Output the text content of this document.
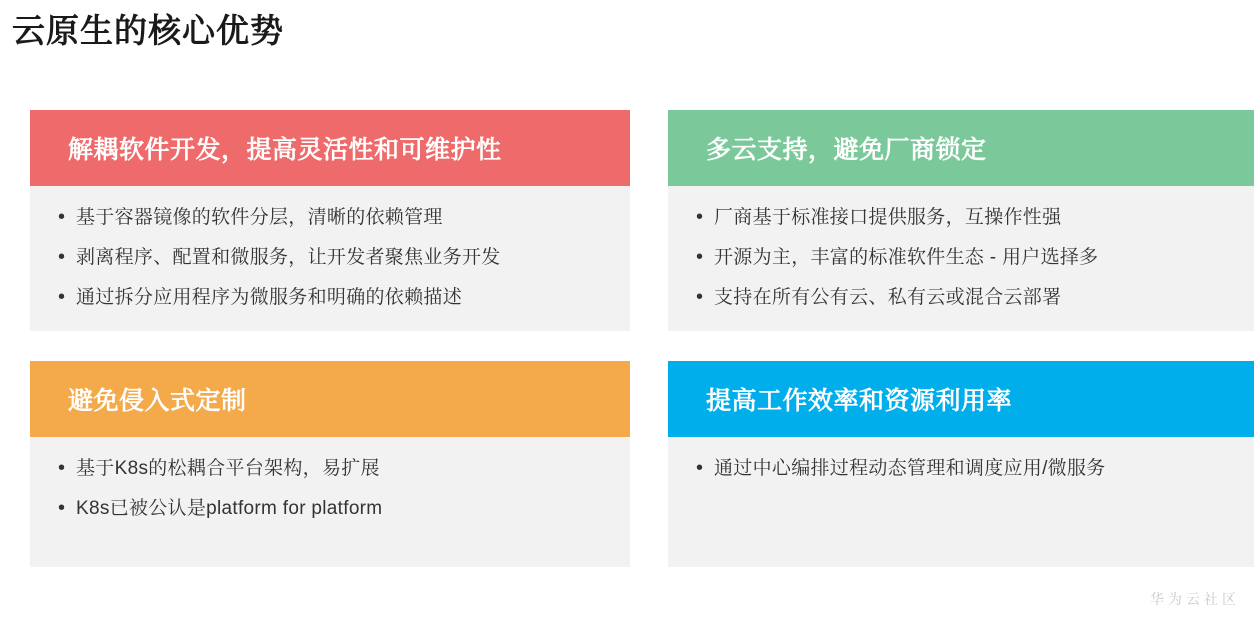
云原生的核心优势
解耦软件开发，提高灵活性和可维护性
• 基于容器镜像的软件分层，清晰的依赖管理
• 剥离程序、配置和微服务，让开发者聚焦业务开发
• 通过拆分应用程序为微服务和明确的依赖描述
多云支持，避免厂商锁定
• 厂商基于标准接口提供服务，互操作性强
• 开源为主，丰富的标准软件生态 - 用户选择多
• 支持在所有公有云、私有云或混合云部署
避免侵入式定制
• 基于K8s的松耦合平台架构，易扩展
• K8s已被公认是platform for platform
提高工作效率和资源利用率
• 通过中心编排过程动态管理和调度应用/微服务
华为云社区
